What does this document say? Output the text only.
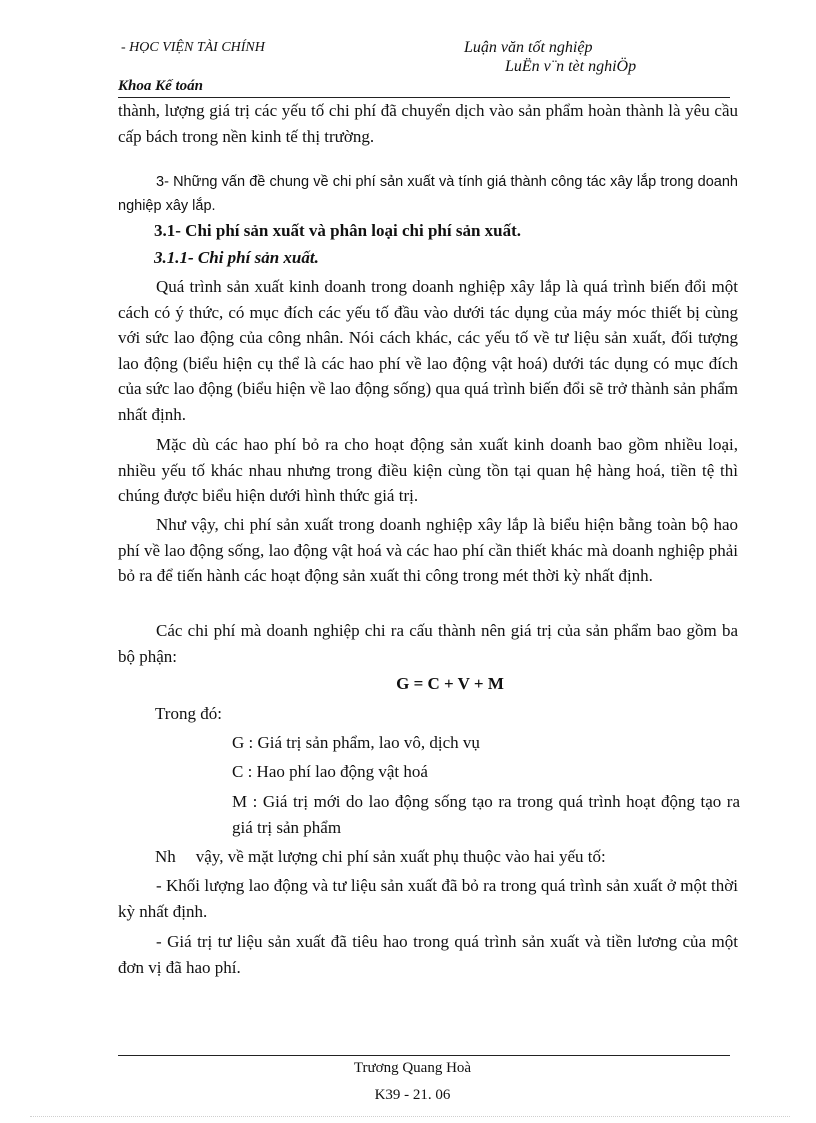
- HỌC VIỆN TÀI CHÍNH	Luận văn tốt nghiệp
LuËn v¨n tèt nghiÖp
Khoa Kế toán
thành, lượng giá trị các yếu tố chi phí đã chuyển dịch vào sản phẩm hoàn thành là yêu cầu cấp bách trong nền kinh tế thị trường.
3- Những vấn đề chung về chi phí sản xuất và tính giá thành công tác xây lắp trong doanh nghiệp xây lắp.
3.1- Chi phí sản xuất và phân loại chi phí sản xuất.
3.1.1- Chi phí sản xuất.
Quá trình sản xuất kinh doanh trong doanh nghiệp xây lắp là quá trình biến đổi một cách có ý thức, có mục đích các yếu tố đầu vào dưới tác dụng của máy móc thiết bị cùng với sức lao động của công nhân. Nói cách khác, các yếu tố về tư liệu sản xuất, đối tượng lao động (biểu hiện cụ thể là các hao phí về lao động vật hoá) dưới tác dụng có mục đích của sức lao động (biểu hiện về lao động sống) qua quá trình biến đổi sẽ trở thành sản phẩm nhất định.
Mặc dù các hao phí bỏ ra cho hoạt động sản xuất kinh doanh bao gồm nhiều loại, nhiều yếu tố khác nhau nhưng trong điều kiện cùng tồn tại quan hệ hàng hoá, tiền tệ thì chúng được biểu hiện dưới hình thức giá trị.
Như vậy, chi phí sản xuất trong doanh nghiệp xây lắp là biểu hiện bằng toàn bộ hao phí về lao động sống, lao động vật hoá và các hao phí cần thiết khác mà doanh nghiệp phải bỏ ra để tiến hành các hoạt động sản xuất thi công trong mét thời kỳ nhất định.
Các chi phí mà doanh nghiệp chi ra cấu thành nên giá trị của sản phẩm bao gồm ba bộ phận:
G = C + V + M
Trong đó:
G : Giá trị sản phẩm, lao vô, dịch vụ
C : Hao phí lao động vật hoá
M : Giá trị mới do lao động sống tạo ra trong quá trình hoạt động tạo ra giá trị sản phẩm
Nh vậy, về mặt lượng chi phí sản xuất phụ thuộc vào hai yếu tố:
- Khối lượng lao động và tư liệu sản xuất đã bỏ ra trong quá trình sản xuất ở một thời kỳ nhất định.
- Giá trị tư liệu sản xuất đã tiêu hao trong quá trình sản xuất và tiền lương của một đơn vị đã hao phí.
Trương Quang Hoà
K39 - 21. 06
